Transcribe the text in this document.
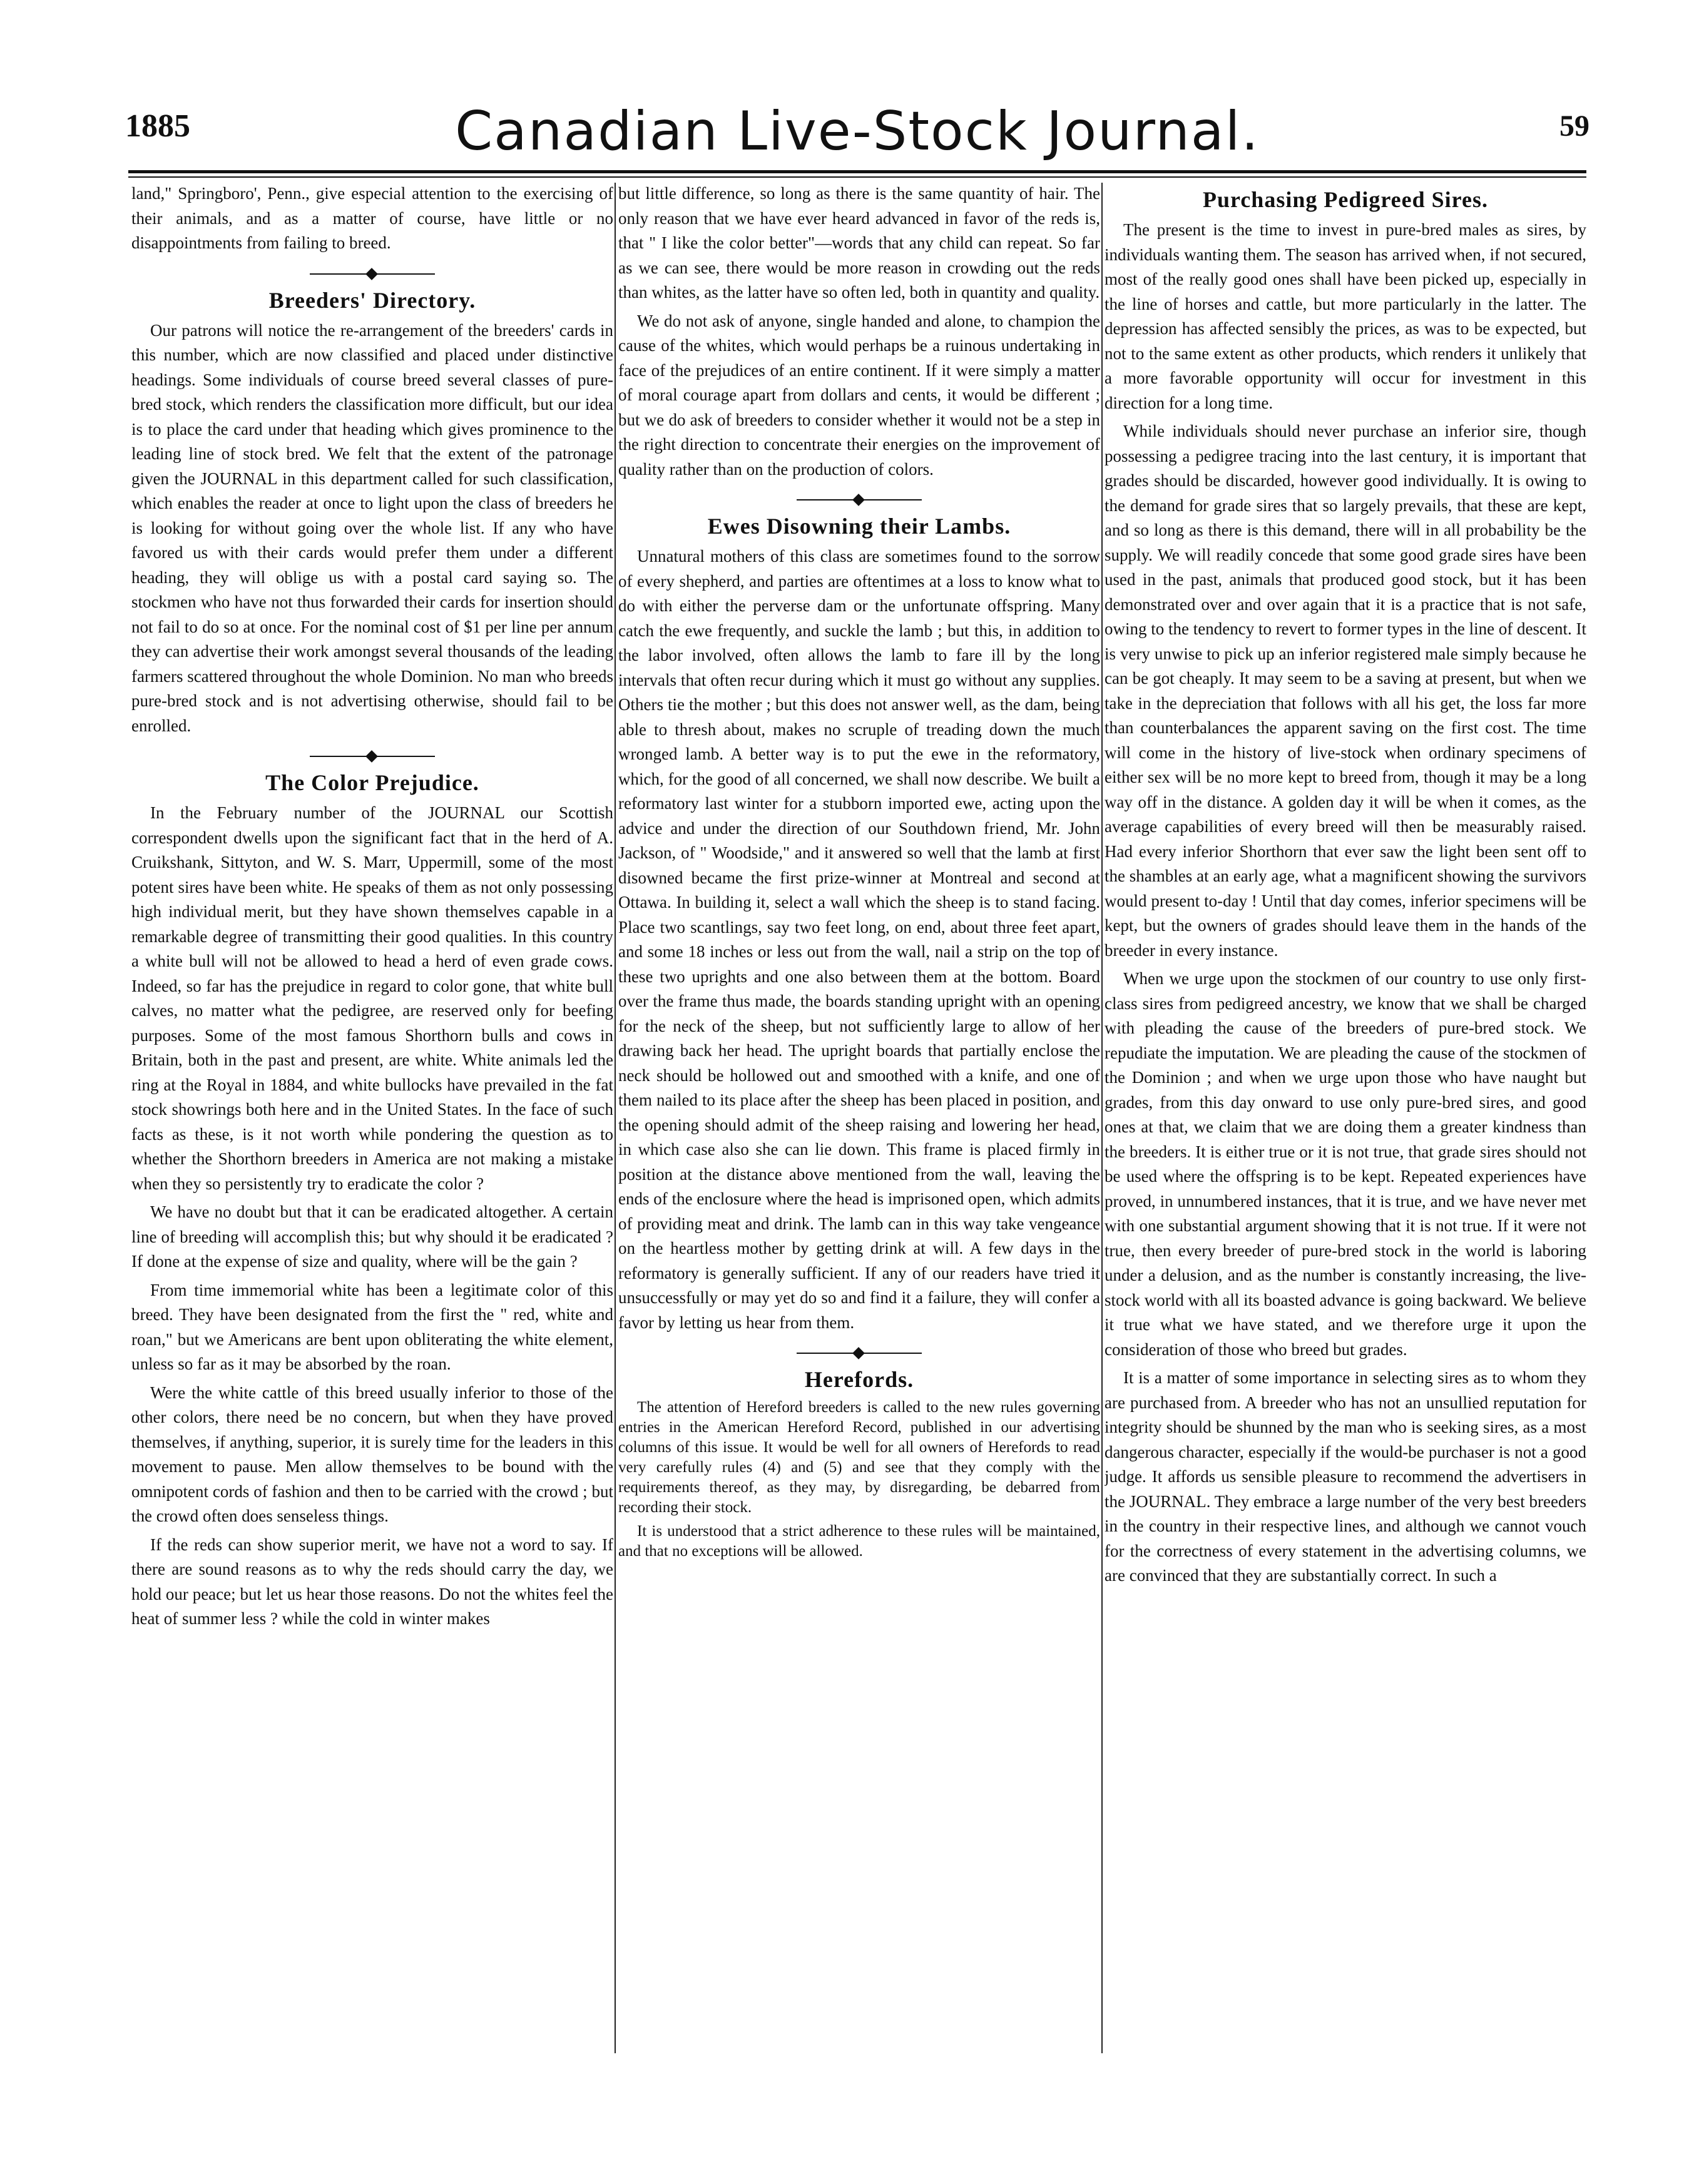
1885	Canadian Live-Stock Journal.	59

land," Springboro', Penn., give especial attention to the exercising of their animals, and as a matter of course, have little or no disappointments from failing to breed.

Breeders' Directory.

Our patrons will notice the re-arrangement of the breeders' cards in this number, which are now classified and placed under distinctive headings. Some individuals of course breed several classes of pure-bred stock, which renders the classification more difficult, but our idea is to place the card under that heading which gives prominence to the leading line of stock bred. We felt that the extent of the patronage given the JOURNAL in this department called for such classification, which enables the reader at once to light upon the class of breeders he is looking for without going over the whole list. If any who have favored us with their cards would prefer them under a different heading, they will oblige us with a postal card saying so. The stockmen who have not thus forwarded their cards for insertion should not fail to do so at once. For the nominal cost of $1 per line per annum they can advertise their work amongst several thousands of the leading farmers scattered throughout the whole Dominion. No man who breeds pure-bred stock and is not advertising otherwise, should fail to be enrolled.

The Color Prejudice.

In the February number of the JOURNAL our Scottish correspondent dwells upon the significant fact that in the herd of A. Cruikshank, Sittyton, and W. S. Marr, Uppermill, some of the most potent sires have been white. He speaks of them as not only possessing high individual merit, but they have shown themselves capable in a remarkable degree of transmitting their good qualities. In this country a white bull will not be allowed to head a herd of even grade cows. Indeed, so far has the prejudice in regard to color gone, that white bull calves, no matter what the pedigree, are reserved only for beefing purposes. Some of the most famous Shorthorn bulls and cows in Britain, both in the past and present, are white. White animals led the ring at the Royal in 1884, and white bullocks have prevailed in the fat stock showrings both here and in the United States. In the face of such facts as these, is it not worth while pondering the question as to whether the Shorthorn breeders in America are not making a mistake when they so persistently try to eradicate the color ?

We have no doubt but that it can be eradicated altogether. A certain line of breeding will accomplish this; but why should it be eradicated ? If done at the expense of size and quality, where will be the gain ?

From time immemorial white has been a legitimate color of this breed. They have been designated from the first the " red, white and roan," but we Americans are bent upon obliterating the white element, unless so far as it may be absorbed by the roan.

Were the white cattle of this breed usually inferior to those of the other colors, there need be no concern, but when they have proved themselves, if anything, superior, it is surely time for the leaders in this movement to pause. Men allow themselves to be bound with the omnipotent cords of fashion and then to be carried with the crowd ; but the crowd often does senseless things.

If the reds can show superior merit, we have not a word to say. If there are sound reasons as to why the reds should carry the day, we hold our peace; but let us hear those reasons. Do not the whites feel the heat of summer less ? while the cold in winter makes

but little difference, so long as there is the same quantity of hair. The only reason that we have ever heard advanced in favor of the reds is, that " I like the color better"—words that any child can repeat. So far as we can see, there would be more reason in crowding out the reds than whites, as the latter have so often led, both in quantity and quality.

We do not ask of anyone, single handed and alone, to champion the cause of the whites, which would perhaps be a ruinous undertaking in face of the prejudices of an entire continent. If it were simply a matter of moral courage apart from dollars and cents, it would be different ; but we do ask of breeders to consider whether it would not be a step in the right direction to concentrate their energies on the improvement of quality rather than on the production of colors.

Ewes Disowning their Lambs.

Unnatural mothers of this class are sometimes found to the sorrow of every shepherd, and parties are oftentimes at a loss to know what to do with either the perverse dam or the unfortunate offspring. Many catch the ewe frequently, and suckle the lamb ; but this, in addition to the labor involved, often allows the lamb to fare ill by the long intervals that often recur during which it must go without any supplies. Others tie the mother ; but this does not answer well, as the dam, being able to thresh about, makes no scruple of treading down the much wronged lamb. A better way is to put the ewe in the reformatory, which, for the good of all concerned, we shall now describe. We built a reformatory last winter for a stubborn imported ewe, acting upon the advice and under the direction of our Southdown friend, Mr. John Jackson, of " Woodside," and it answered so well that the lamb at first disowned became the first prize-winner at Montreal and second at Ottawa. In building it, select a wall which the sheep is to stand facing. Place two scantlings, say two feet long, on end, about three feet apart, and some 18 inches or less out from the wall, nail a strip on the top of these two uprights and one also between them at the bottom. Board over the frame thus made, the boards standing upright with an opening for the neck of the sheep, but not sufficiently large to allow of her drawing back her head. The upright boards that partially enclose the neck should be hollowed out and smoothed with a knife, and one of them nailed to its place after the sheep has been placed in position, and the opening should admit of the sheep raising and lowering her head, in which case also she can lie down. This frame is placed firmly in position at the distance above mentioned from the wall, leaving the ends of the enclosure where the head is imprisoned open, which admits of providing meat and drink. The lamb can in this way take vengeance on the heartless mother by getting drink at will. A few days in the reformatory is generally sufficient. If any of our readers have tried it unsuccessfully or may yet do so and find it a failure, they will confer a favor by letting us hear from them.

Herefords.

The attention of Hereford breeders is called to the new rules governing entries in the American Hereford Record, published in our advertising columns of this issue. It would be well for all owners of Herefords to read very carefully rules (4) and (5) and see that they comply with the requirements thereof, as they may, by disregarding, be debarred from recording their stock.

It is understood that a strict adherence to these rules will be maintained, and that no exceptions will be allowed.

Purchasing Pedigreed Sires.

The present is the time to invest in pure-bred males as sires, by individuals wanting them. The season has arrived when, if not secured, most of the really good ones shall have been picked up, especially in the line of horses and cattle, but more particularly in the latter. The depression has affected sensibly the prices, as was to be expected, but not to the same extent as other products, which renders it unlikely that a more favorable opportunity will occur for investment in this direction for a long time.

While individuals should never purchase an inferior sire, though possessing a pedigree tracing into the last century, it is important that grades should be discarded, however good individually. It is owing to the demand for grade sires that so largely prevails, that these are kept, and so long as there is this demand, there will in all probability be the supply. We will readily concede that some good grade sires have been used in the past, animals that produced good stock, but it has been demonstrated over and over again that it is a practice that is not safe, owing to the tendency to revert to former types in the line of descent. It is very unwise to pick up an inferior registered male simply because he can be got cheaply. It may seem to be a saving at present, but when we take in the depreciation that follows with all his get, the loss far more than counterbalances the apparent saving on the first cost. The time will come in the history of live-stock when ordinary specimens of either sex will be no more kept to breed from, though it may be a long way off in the distance. A golden day it will be when it comes, as the average capabilities of every breed will then be measurably raised. Had every inferior Shorthorn that ever saw the light been sent off to the shambles at an early age, what a magnificent showing the survivors would present to-day ! Until that day comes, inferior specimens will be kept, but the owners of grades should leave them in the hands of the breeder in every instance.

When we urge upon the stockmen of our country to use only first-class sires from pedigreed ancestry, we know that we shall be charged with pleading the cause of the breeders of pure-bred stock. We repudiate the imputation. We are pleading the cause of the stockmen of the Dominion ; and when we urge upon those who have naught but grades, from this day onward to use only pure-bred sires, and good ones at that, we claim that we are doing them a greater kindness than the breeders. It is either true or it is not true, that grade sires should not be used where the offspring is to be kept. Repeated experiences have proved, in unnumbered instances, that it is true, and we have never met with one substantial argument showing that it is not true. If it were not true, then every breeder of pure-bred stock in the world is laboring under a delusion, and as the number is constantly increasing, the live-stock world with all its boasted advance is going backward. We believe it true what we have stated, and we therefore urge it upon the consideration of those who breed but grades.

It is a matter of some importance in selecting sires as to whom they are purchased from. A breeder who has not an unsullied reputation for integrity should be shunned by the man who is seeking sires, as a most dangerous character, especially if the would-be purchaser is not a good judge. It affords us sensible pleasure to recommend the advertisers in the JOURNAL. They embrace a large number of the very best breeders in the country in their respective lines, and although we cannot vouch for the correctness of every statement in the advertising columns, we are convinced that they are substantially correct. In such a
